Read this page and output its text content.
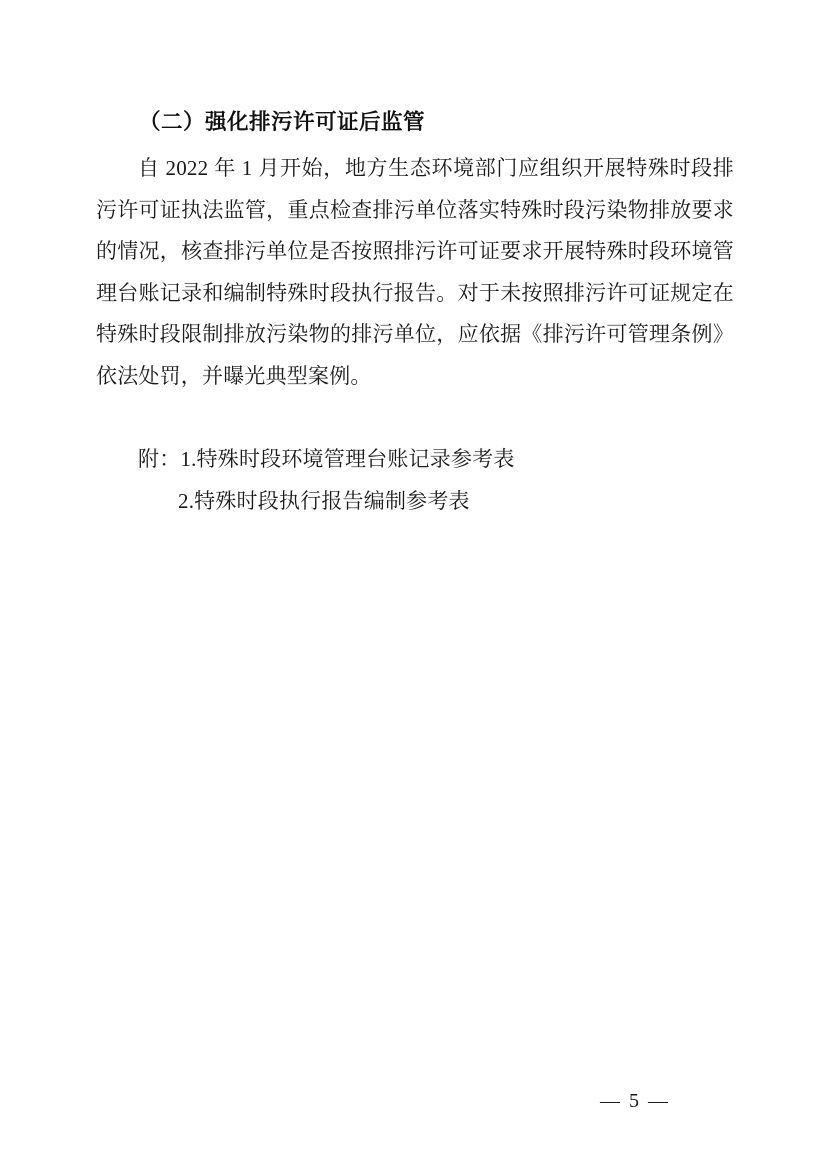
（二）强化排污许可证后监管

自 2022 年 1 月开始，地方生态环境部门应组织开展特殊时段排污许可证执法监管，重点检查排污单位落实特殊时段污染物排放要求的情况，核查排污单位是否按照排污许可证要求开展特殊时段环境管理台账记录和编制特殊时段执行报告。对于未按照排污许可证规定在特殊时段限制排放污染物的排污单位，应依据《排污许可管理条例》依法处罚，并曝光典型案例。

附：1.特殊时段环境管理台账记录参考表

2.特殊时段执行报告编制参考表

— 5 —
